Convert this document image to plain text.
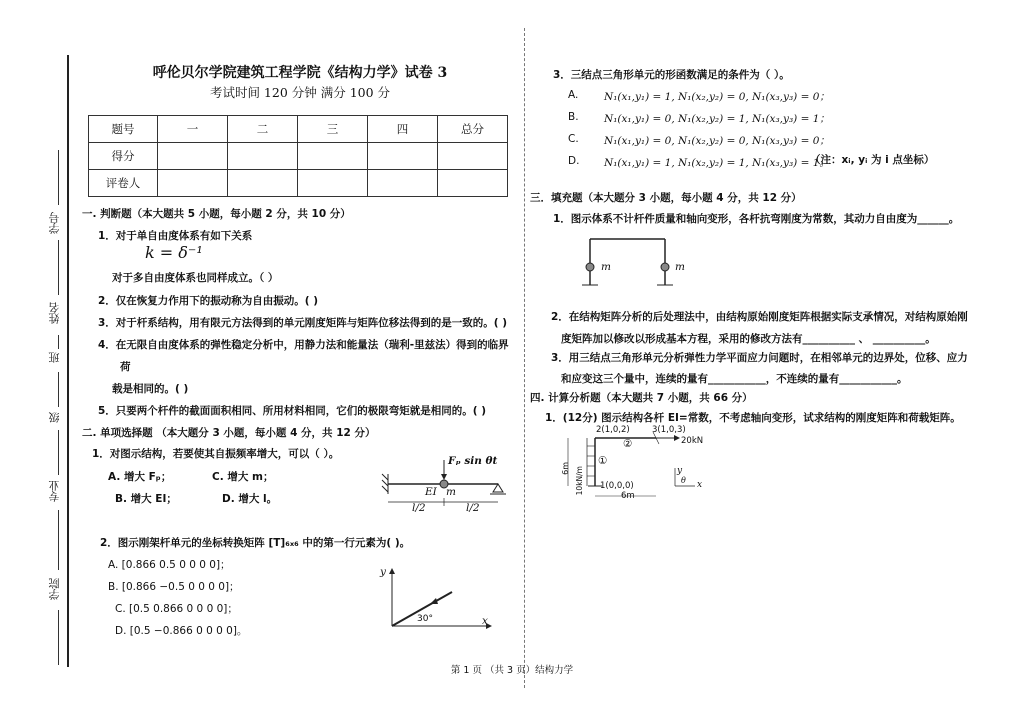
学号
姓名
班
级
专业
学院
呼伦贝尔学院建筑工程学院《结构力学》试卷 3
考试时间 120 分钟 满分 100 分
题号	一	二	三	四	总分
得分					
评卷人					
一. 判断题（本大题共 5 小题，每小题 2 分，共 10 分）
1．对于单自由度体系有如下关系
k = δ⁻¹
对于多自由度体系也同样成立。（ ）
2．仅在恢复力作用下的振动称为自由振动。( )
3．对于杆系结构，用有限元方法得到的单元刚度矩阵与矩阵位移法得到的是一致的。( )
4．在无限自由度体系的弹性稳定分析中，用静力法和能量法（瑞利-里兹法）得到的临界
荷
载是相同的。( )
5．只要两个杆件的截面面积相同、所用材料相同，它们的极限弯矩就是相同的。( )
二. 单项选择题 （本大题分 3 小题，每小题 4 分，共 12 分）
1．对图示结构，若要使其自振频率增大，可以（ ）。
A. 增大 Fₚ；	C. 增大 m；
B. 增大 EI；	D. 增大 l。
Fₚ sin θt
EI m
l/2	l/2
2．图示刚架杆单元的坐标转换矩阵 [T]₆ₓ₆ 中的第一行元素为( )。
A. [0.866 0.5 0 0 0 0]；
B. [0.866 −0.5 0 0 0 0]；
C. [0.5 0.866 0 0 0 0]；
D. [0.5 −0.866 0 0 0 0]。
y
x
30°
3．三结点三角形单元的形函数满足的条件为（ ）。
A. N₁(x₁,y₁) = 1, N₁(x₂,y₂) = 0, N₁(x₃,y₃) = 0；
B. N₁(x₁,y₁) = 0, N₁(x₂,y₂) = 1, N₁(x₃,y₃) = 1；
C. N₁(x₁,y₁) = 0, N₁(x₂,y₂) = 0, N₁(x₃,y₃) = 0；
D. N₁(x₁,y₁) = 1, N₁(x₂,y₂) = 1, N₁(x₃,y₃) = 1。
（注：xᵢ, yᵢ 为 i 点坐标）
三．填充题（本大题分 3 小题，每小题 4 分，共 12 分）
1．图示体系不计杆件质量和轴向变形，各杆抗弯刚度为常数，其动力自由度为______。
m	m
2．在结构矩阵分析的后处理法中，由结构原始刚度矩阵根据实际支承情况，对结构原始刚
度矩阵加以修改以形成基本方程，采用的修改方法有__________ 、 __________。
3．用三结点三角形单元分析弹性力学平面应力问题时，在相邻单元的边界处，位移、应力
和应变这三个量中，连续的量有___________，不连续的量有___________。
四. 计算分析题（本大题共 7 小题，共 66 分）
1．(12分) 图示结构各杆 EI=常数，不考虑轴向变形，试求结构的刚度矩阵和荷载矩阵。
2(1,0,2)	3(1,0,3)
20kN
10kN/m
①
②
1(0,0,0)
6m
6m
y
x
θ
第 1 页 （共 3 页）结构力学
